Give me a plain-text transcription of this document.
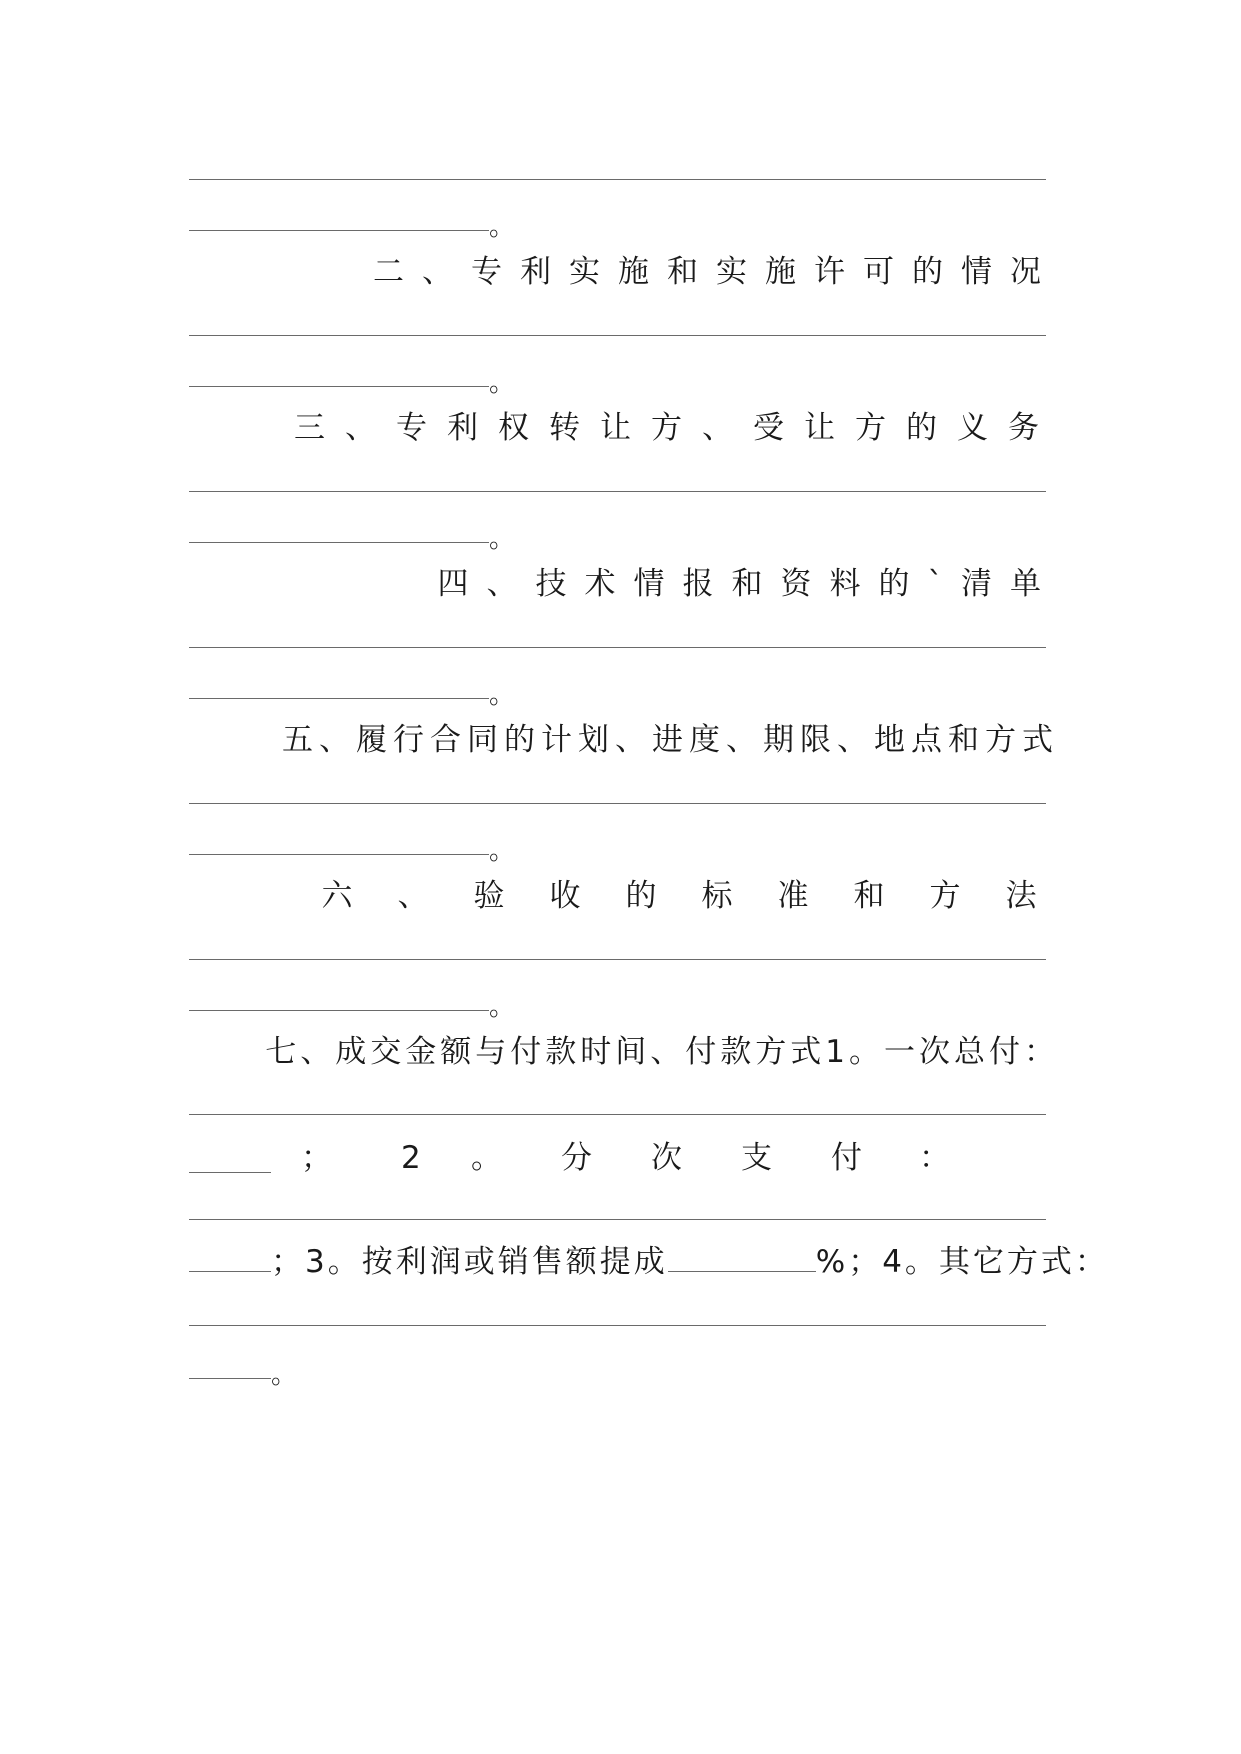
。
二、专利实施和实施许可的情况
。
三、专利权转让方、受让方的义务
。
四、技术情报和资料的`清单
。
五、履行合同的计划、进度、期限、地点和方式
。
六 、 验 收 的 标 准 和 方 法
。
七、成交金额与付款时间、付款方式1。一次总付：
； 2 。 分 次 支 付 ：
；3。按利润或销售额提成	%；4。其它方式：
。
